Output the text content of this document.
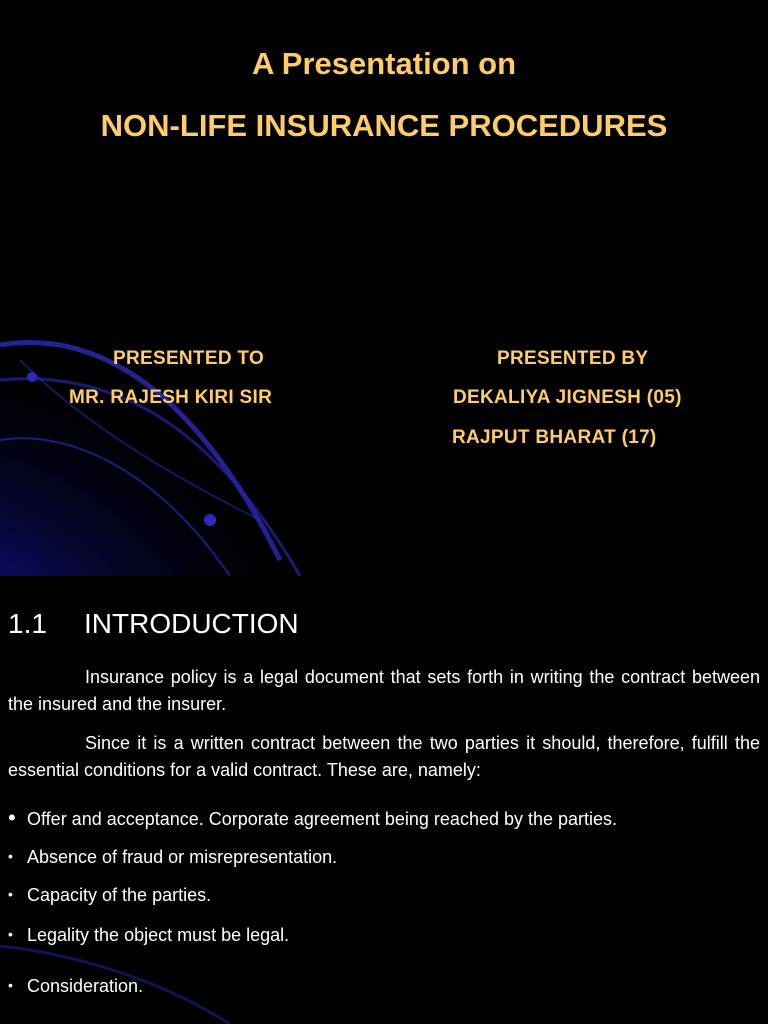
A Presentation on
NON-LIFE INSURANCE PROCEDURES
PRESENTED TO
MR. RAJESH KIRI SIR
PRESENTED BY
DEKALIYA JIGNESH (05)
RAJPUT BHARAT (17)
1.1 INTRODUCTION

Insurance policy is a legal document that sets forth in writing the contract between the insured and the insurer.

Since it is a written contract between the two parties it should, therefore, fulfill the essential conditions for a valid contract. These are, namely:

• Offer and acceptance. Corporate agreement being reached by the parties.
• Absence of fraud or misrepresentation.
• Capacity of the parties.
• Legality the object must be legal.
• Consideration.
